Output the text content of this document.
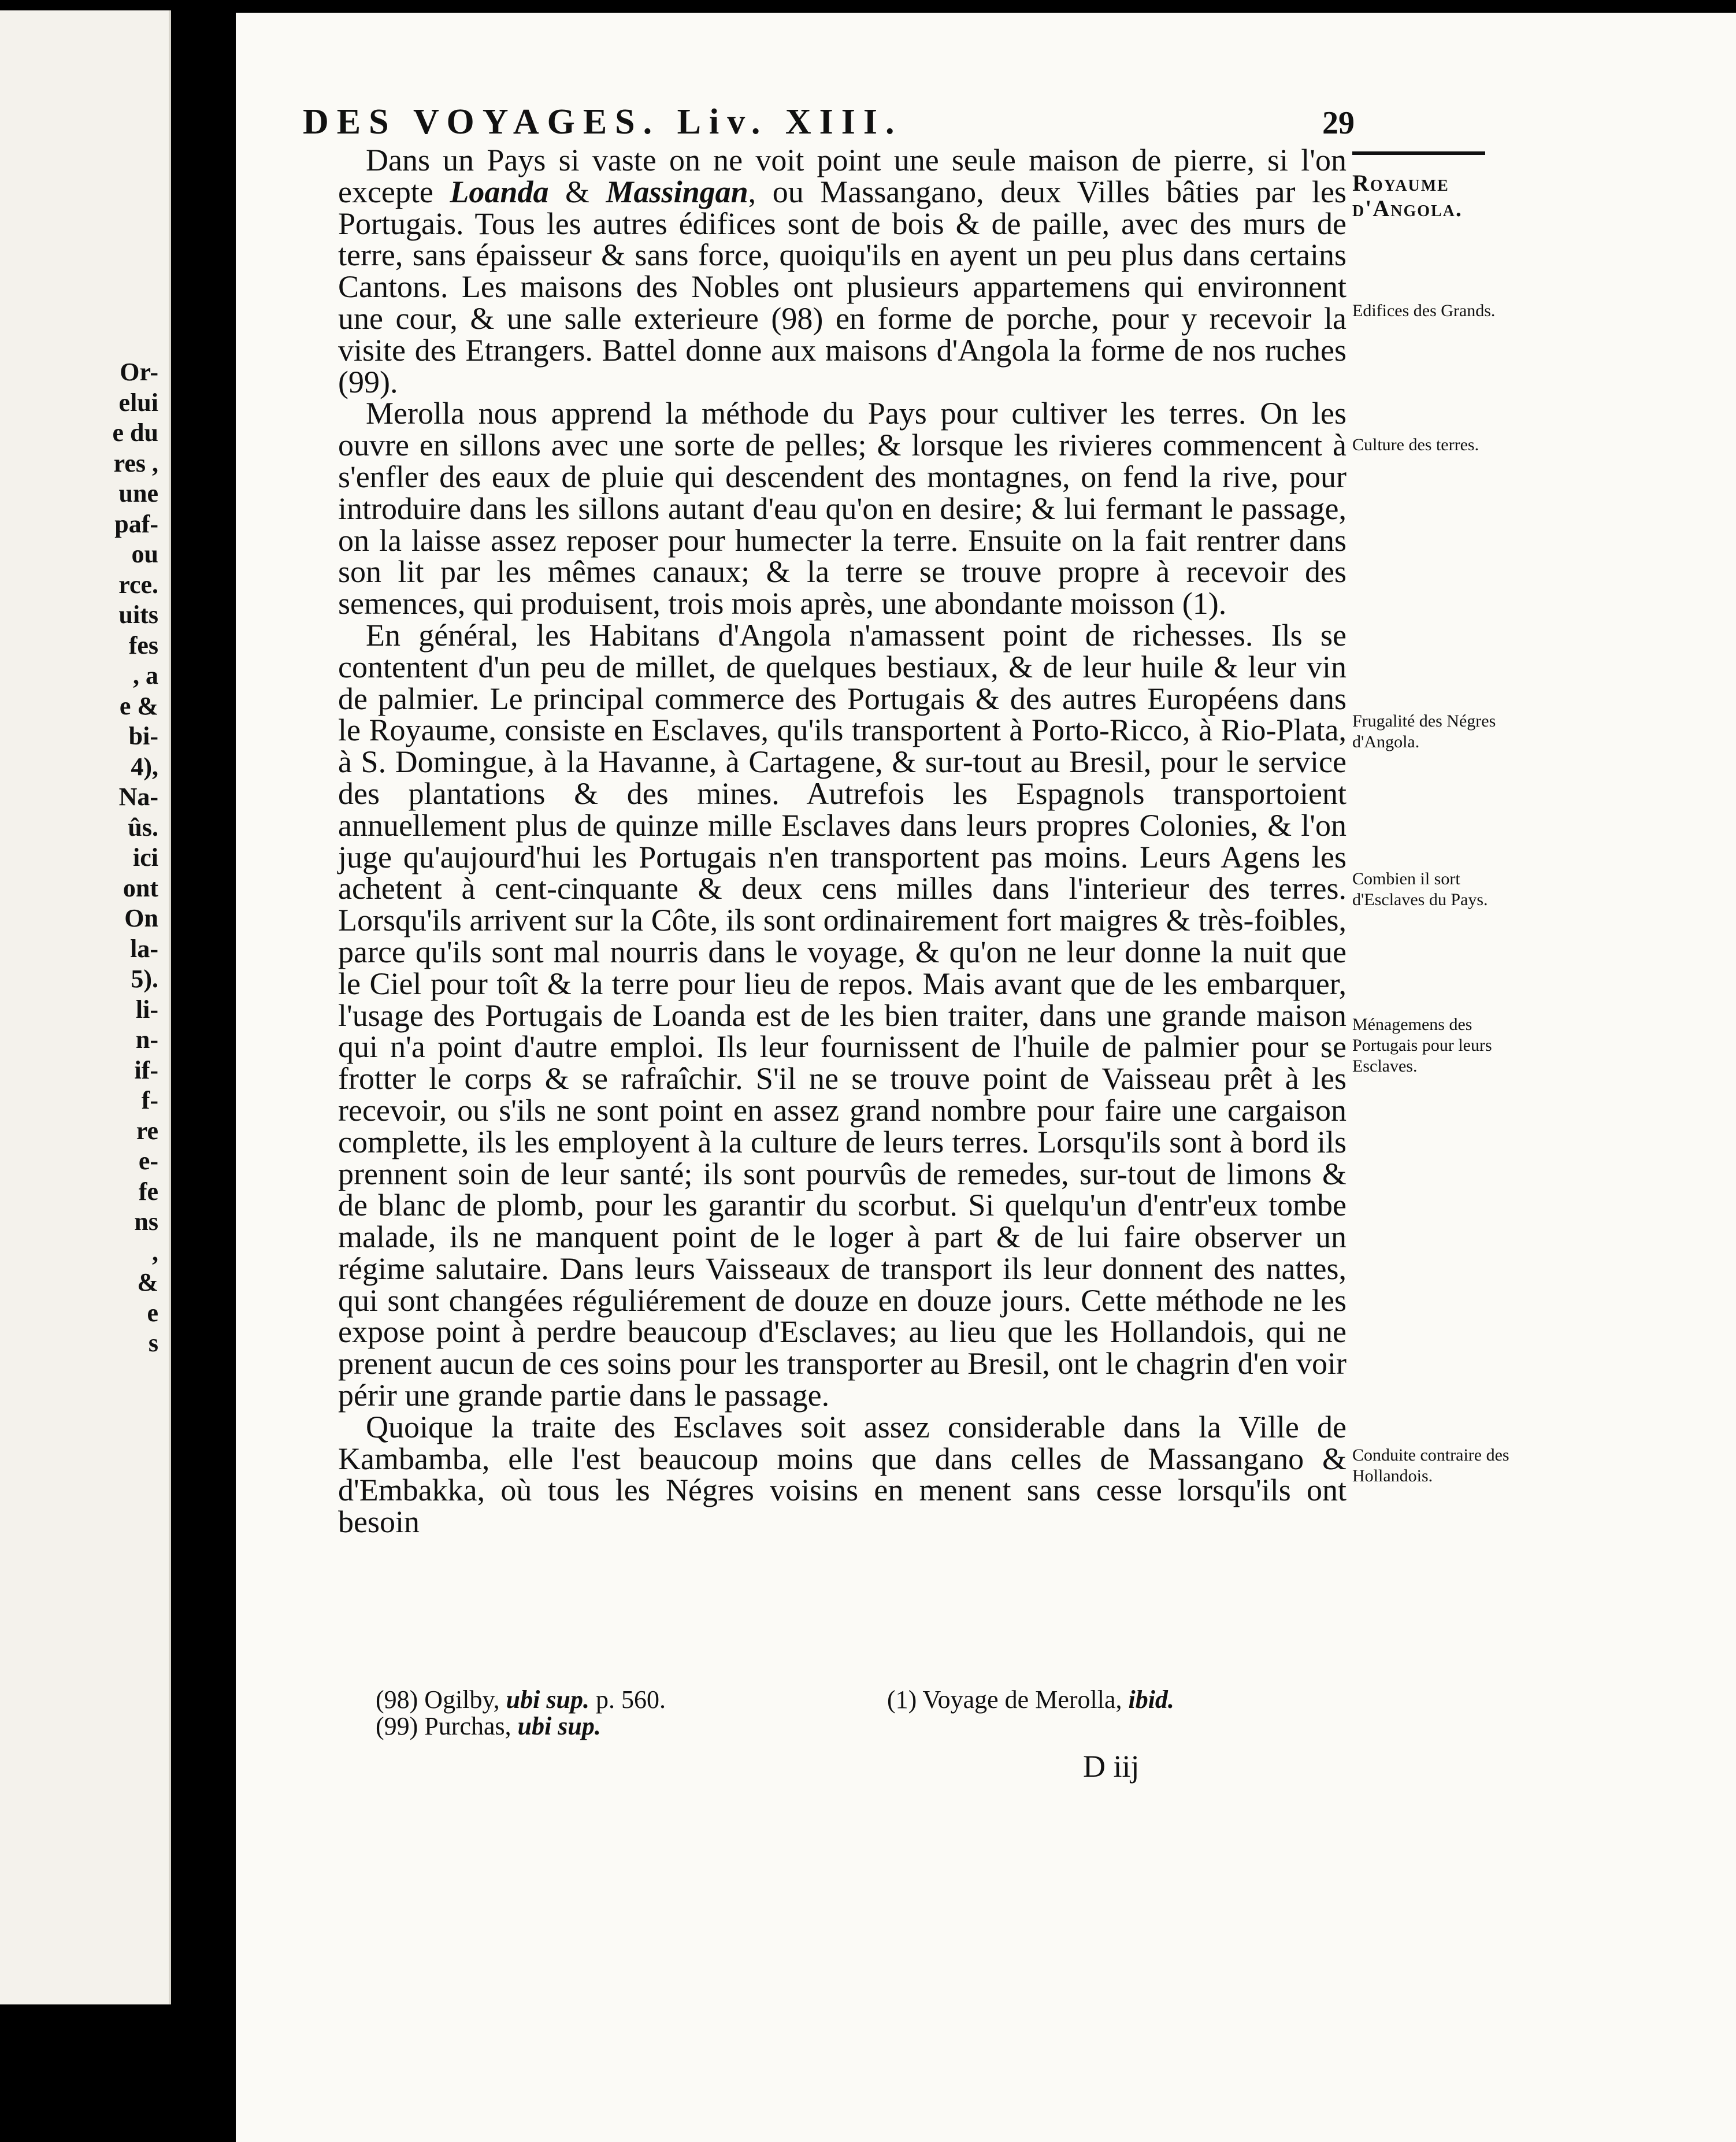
Or-
elui
e du
res ,
une
paf-
ou
rce.
uits
fes
, a
e &
bi-
4),
Na-
ûs.
ici
ont
On
la-
5).
li-
n-
if-
f-
re
e-
fe
ns
,
&
e
s
DES VOYAGES. Liv. XIII.	29

Dans un Pays si vaste on ne voit point une seule maison de pierre, si l'on excepte Loanda & Massingan, ou Massangano, deux Villes bâties par les Portugais. Tous les autres édifices sont de bois & de paille, avec des murs de terre, sans épaisseur & sans force, quoiqu'ils en ayent un peu plus dans certains Cantons. Les maisons des Nobles ont plusieurs appartemens qui environnent une cour, & une salle exterieure (98) en forme de porche, pour y recevoir la visite des Etrangers. Battel donne aux maisons d'Angola la forme de nos ruches (99).

Merolla nous apprend la méthode du Pays pour cultiver les terres. On les ouvre en sillons avec une sorte de pelles; & lorsque les rivieres commencent à s'enfler des eaux de pluie qui descendent des montagnes, on fend la rive, pour introduire dans les sillons autant d'eau qu'on en desire; & lui fermant le passage, on la laisse assez reposer pour humecter la terre. Ensuite on la fait rentrer dans son lit par les mêmes canaux; & la terre se trouve propre à recevoir des semences, qui produisent, trois mois après, une abondante moisson (1).

En général, les Habitans d'Angola n'amassent point de richesses. Ils se contentent d'un peu de millet, de quelques bestiaux, & de leur huile & leur vin de palmier. Le principal commerce des Portugais & des autres Européens dans le Royaume, consiste en Esclaves, qu'ils transportent à Porto-Ricco, à Rio-Plata, à S. Domingue, à la Havanne, à Cartagene, & sur-tout au Bresil, pour le service des plantations & des mines. Autrefois les Espagnols transportoient annuellement plus de quinze mille Esclaves dans leurs propres Colonies, & l'on juge qu'aujourd'hui les Portugais n'en transportent pas moins. Leurs Agens les achetent à cent-cinquante & deux cens milles dans l'interieur des terres. Lorsqu'ils arrivent sur la Côte, ils sont ordinairement fort maigres & très-foibles, parce qu'ils sont mal nourris dans le voyage, & qu'on ne leur donne la nuit que le Ciel pour toît & la terre pour lieu de repos. Mais avant que de les embarquer, l'usage des Portugais de Loanda est de les bien traiter, dans une grande maison qui n'a point d'autre emploi. Ils leur fournissent de l'huile de palmier pour se frotter le corps & se rafraîchir. S'il ne se trouve point de Vaisseau prêt à les recevoir, ou s'ils ne sont point en assez grand nombre pour faire une cargaison complette, ils les employent à la culture de leurs terres. Lorsqu'ils sont à bord ils prennent soin de leur santé; ils sont pourvûs de remedes, sur-tout de limons & de blanc de plomb, pour les garantir du scorbut. Si quelqu'un d'entr'eux tombe malade, ils ne manquent point de le loger à part & de lui faire observer un régime salutaire. Dans leurs Vaisseaux de transport ils leur donnent des nattes, qui sont changées réguliérement de douze en douze jours. Cette méthode ne les expose point à perdre beaucoup d'Esclaves; au lieu que les Hollandois, qui ne prenent aucun de ces soins pour les transporter au Bresil, ont le chagrin d'en voir périr une grande partie dans le passage.

Quoique la traite des Esclaves soit assez considerable dans la Ville de Kambamba, elle l'est beaucoup moins que dans celles de Massangano & d'Embakka, où tous les Négres voisins en menent sans cesse lorsqu'ils ont besoin

Royaume d'Angola.
Edifices des Grands.
Culture des terres.
Frugalité des Négres d'Angola.
Combien il sort d'Esclaves du Pays.
Ménagemens des Portugais pour leurs Esclaves.
Conduite contraire des Hollandois.
(98) Ogilby, ubi sup. p. 560.
(99) Purchas, ubi sup.
(1) Voyage de Merolla, ibid.
D iij
